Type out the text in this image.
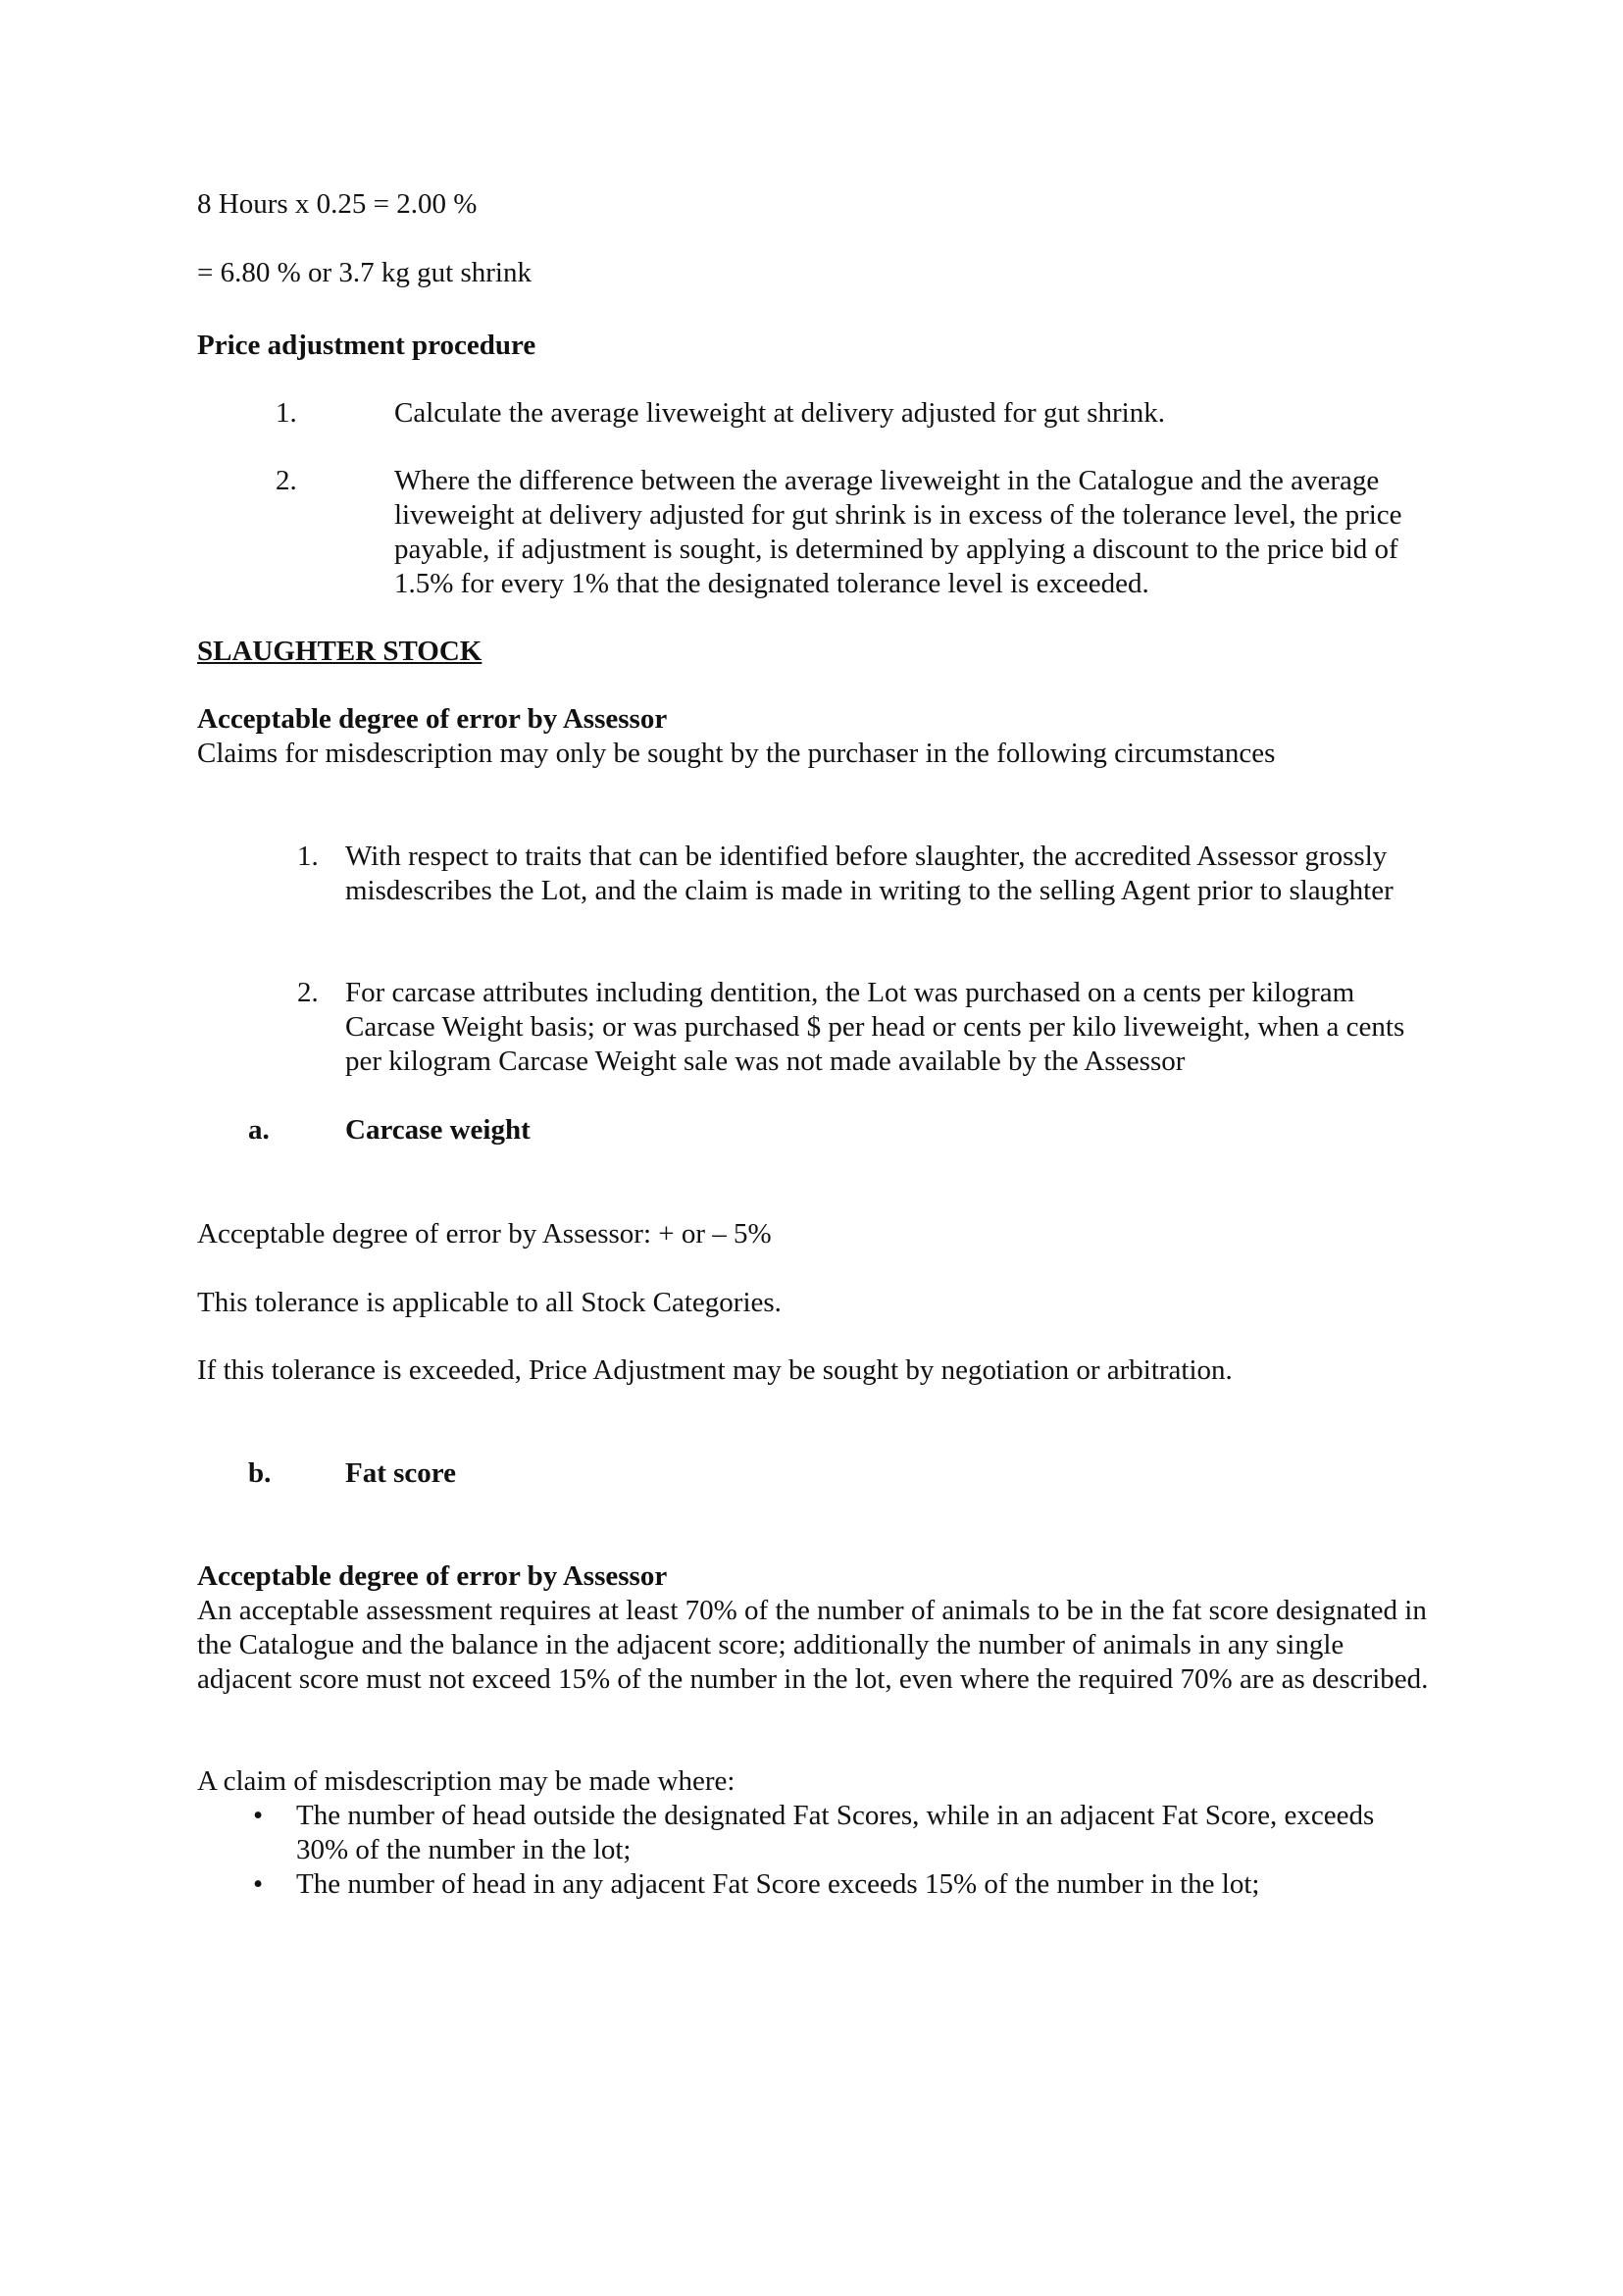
8 Hours x 0.25 = 2.00 %
= 6.80 % or 3.7 kg gut shrink
Price adjustment procedure
1.	Calculate the average liveweight at delivery adjusted for gut shrink.
2.	Where the difference between the average liveweight in the Catalogue and the average liveweight at delivery adjusted for gut shrink is in excess of the tolerance level, the price payable, if adjustment is sought, is determined by applying a discount to the price bid of 1.5% for every 1% that the designated tolerance level is exceeded.
SLAUGHTER STOCK
Acceptable degree of error by Assessor
Claims for misdescription may only be sought by the purchaser in the following circumstances
1. With respect to traits that can be identified before slaughter, the accredited Assessor grossly misdescribes the Lot, and the claim is made in writing to the selling Agent prior to slaughter
2. For carcase attributes including dentition, the Lot was purchased on a cents per kilogram Carcase Weight basis; or was purchased $ per head or cents per kilo liveweight, when a cents per kilogram Carcase Weight sale was not made available by the Assessor
a.	Carcase weight
Acceptable degree of error by Assessor: + or – 5%
This tolerance is applicable to all Stock Categories.
If this tolerance is exceeded, Price Adjustment may be sought by negotiation or arbitration.
b.	Fat score
Acceptable degree of error by Assessor
An acceptable assessment requires at least 70% of the number of animals to be in the fat score designated in the Catalogue and the balance in the adjacent score; additionally the number of animals in any single adjacent score must not exceed 15% of the number in the lot, even where the required 70% are as described.
A claim of misdescription may be made where:
• The number of head outside the designated Fat Scores, while in an adjacent Fat Score, exceeds 30% of the number in the lot;
• The number of head in any adjacent Fat Score exceeds 15% of the number in the lot;
